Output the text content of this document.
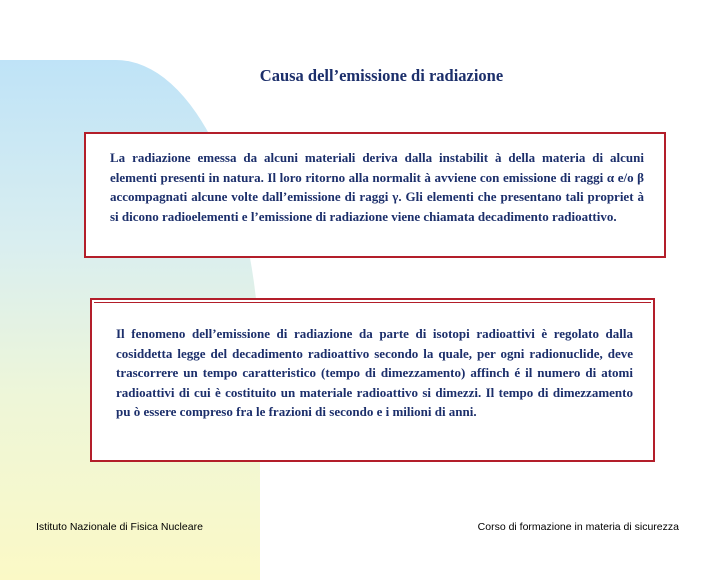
Causa dell’emissione di radiazione

La radiazione emessa da alcuni materiali deriva dalla instabilit à della materia di alcuni elementi presenti in natura. Il loro ritorno alla normalit à avviene con emissione di raggi α e/o β accompagnati alcune volte dall’emissione di raggi γ. Gli elementi che presentano tali propriet à si dicono radioelementi e l’emissione di radiazione viene chiamata decadimento radioattivo.

Il fenomeno dell’emissione di radiazione da parte di isotopi radioattivi è regolato dalla cosiddetta legge del decadimento radioattivo secondo la quale, per ogni radionuclide, deve trascorrere un tempo caratteristico (tempo di dimezzamento) affinch é il numero di atomi radioattivi di cui è costituito un materiale radioattivo si dimezzi. Il tempo di dimezzamento pu ò essere compreso fra le frazioni di secondo e i milioni di anni.

Istituto Nazionale di Fisica Nucleare	Corso di formazione in materia di sicurezza
